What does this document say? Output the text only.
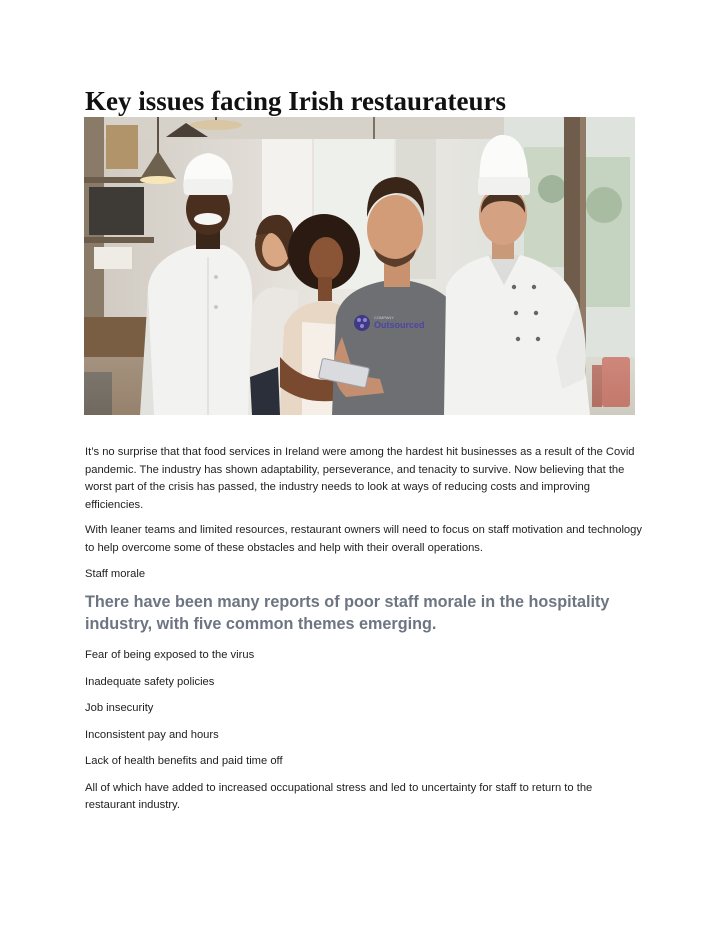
Key issues facing Irish restaurateurs
COMPANY
Outsourced

It’s no surprise that that food services in Ireland were among the hardest hit businesses as a result of the Covid pandemic. The industry has shown adaptability, perseverance, and tenacity to survive. Now believing that the worst part of the crisis has passed, the industry needs to look at ways of reducing costs and improving efficiencies.

With leaner teams and limited resources, restaurant owners will need to focus on staff motivation and technology to help overcome some of these obstacles and help with their overall operations.

Staff morale

There have been many reports of poor staff morale in the hospitality industry, with five common themes emerging.

Fear of being exposed to the virus

Inadequate safety policies

Job insecurity

Inconsistent pay and hours

Lack of health benefits and paid time off

All of which have added to increased occupational stress and led to uncertainty for staff to return to the restaurant industry.
